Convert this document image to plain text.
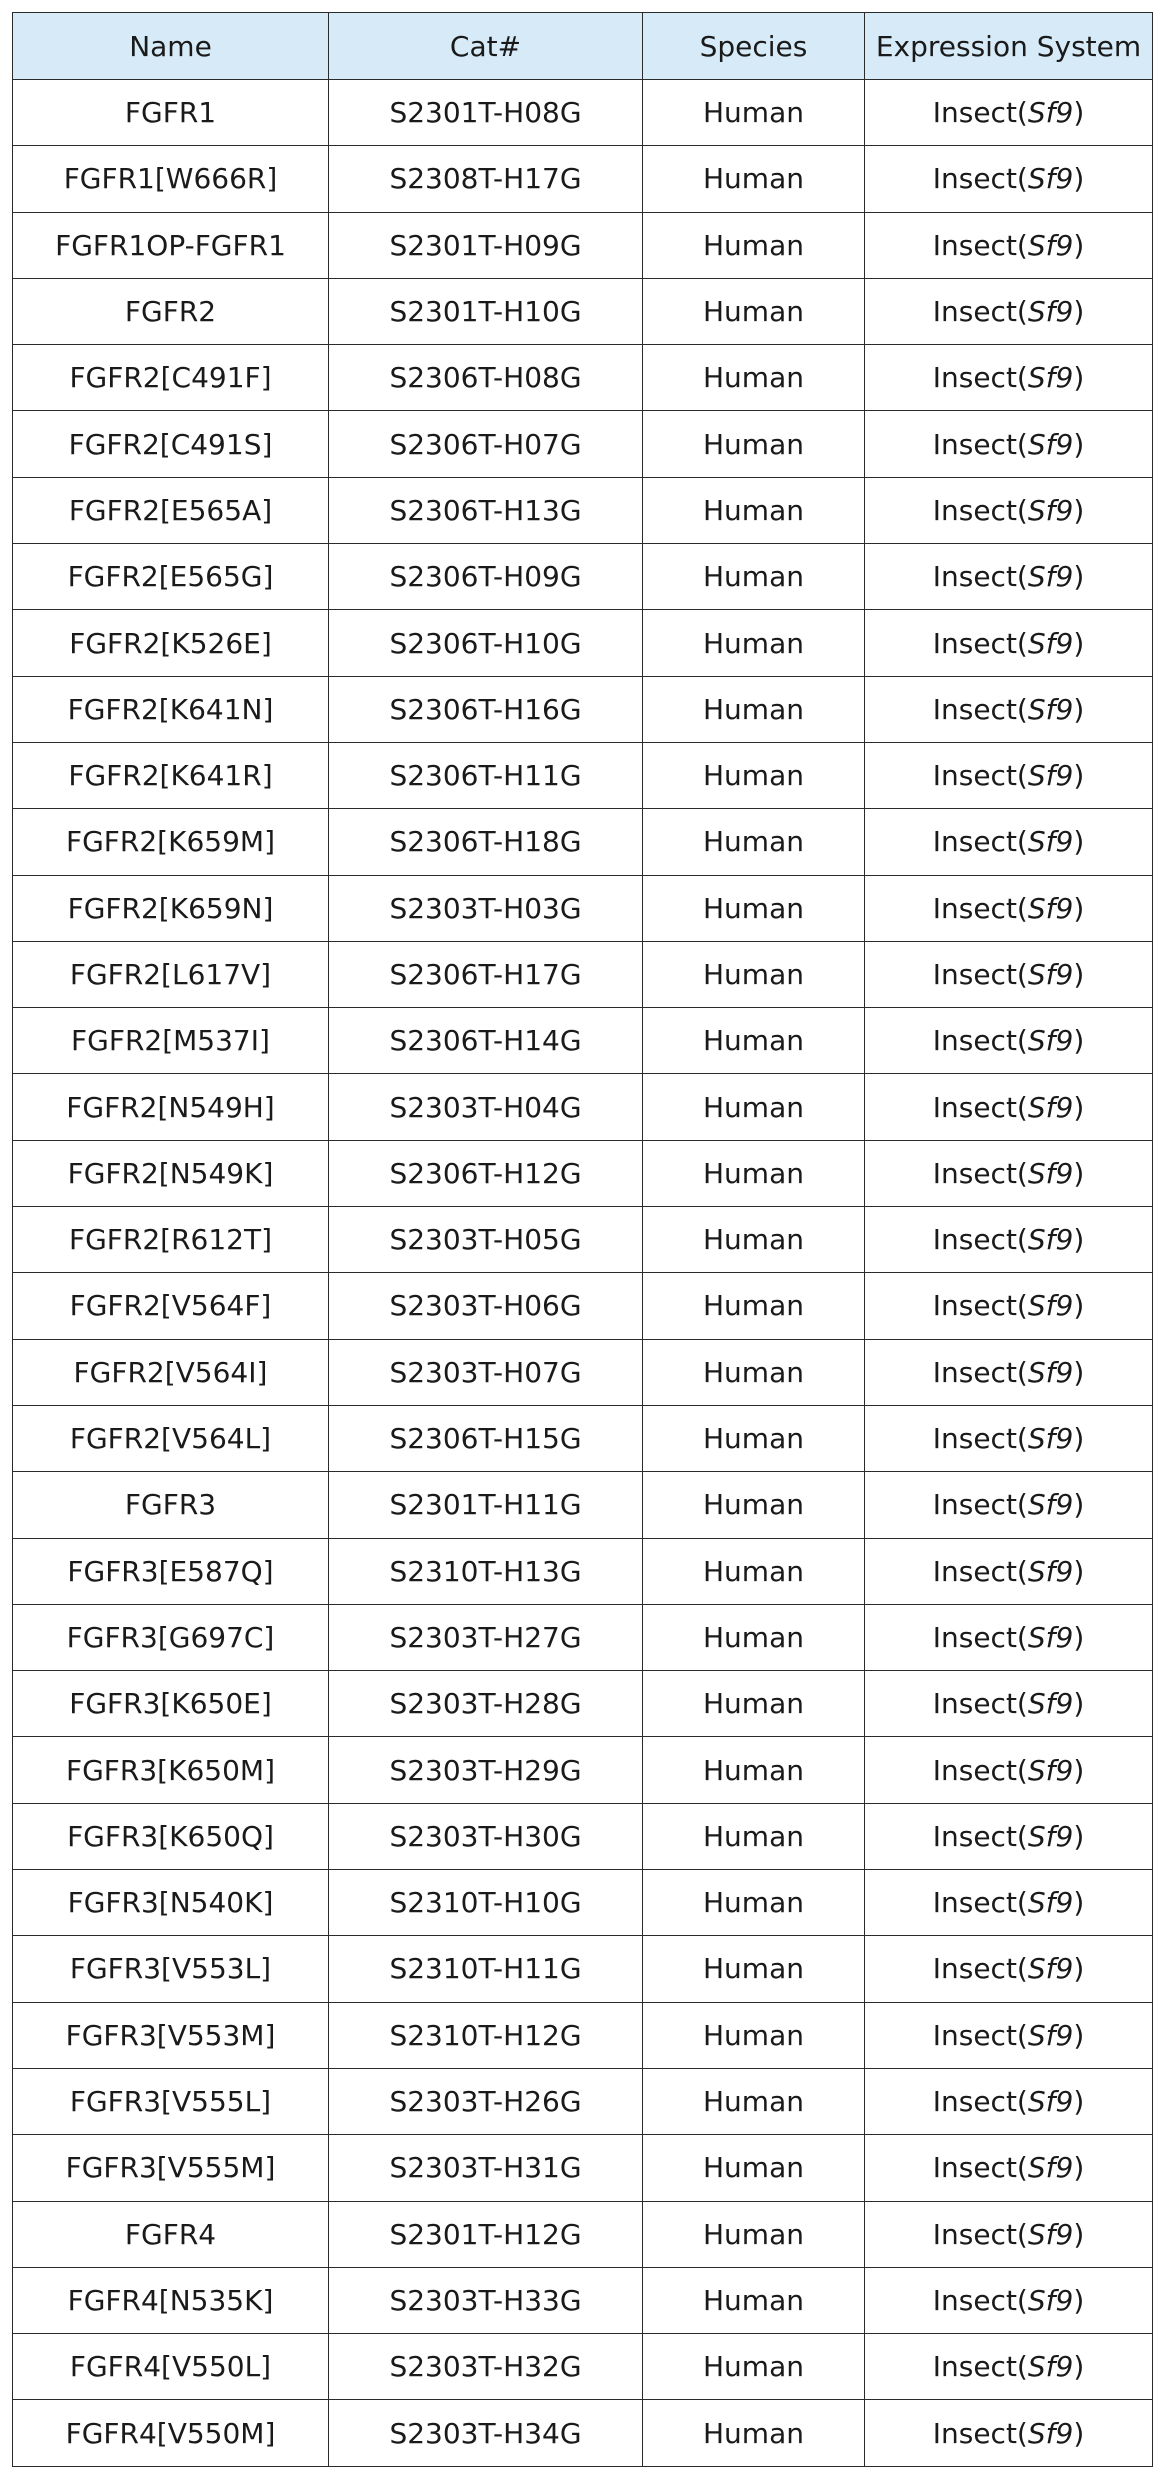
Name	Cat#	Species	Expression System
FGFR1	S2301T-H08G	Human	Insect(Sf9)
FGFR1[W666R]	S2308T-H17G	Human	Insect(Sf9)
FGFR1OP-FGFR1	S2301T-H09G	Human	Insect(Sf9)
FGFR2	S2301T-H10G	Human	Insect(Sf9)
FGFR2[C491F]	S2306T-H08G	Human	Insect(Sf9)
FGFR2[C491S]	S2306T-H07G	Human	Insect(Sf9)
FGFR2[E565A]	S2306T-H13G	Human	Insect(Sf9)
FGFR2[E565G]	S2306T-H09G	Human	Insect(Sf9)
FGFR2[K526E]	S2306T-H10G	Human	Insect(Sf9)
FGFR2[K641N]	S2306T-H16G	Human	Insect(Sf9)
FGFR2[K641R]	S2306T-H11G	Human	Insect(Sf9)
FGFR2[K659M]	S2306T-H18G	Human	Insect(Sf9)
FGFR2[K659N]	S2303T-H03G	Human	Insect(Sf9)
FGFR2[L617V]	S2306T-H17G	Human	Insect(Sf9)
FGFR2[M537I]	S2306T-H14G	Human	Insect(Sf9)
FGFR2[N549H]	S2303T-H04G	Human	Insect(Sf9)
FGFR2[N549K]	S2306T-H12G	Human	Insect(Sf9)
FGFR2[R612T]	S2303T-H05G	Human	Insect(Sf9)
FGFR2[V564F]	S2303T-H06G	Human	Insect(Sf9)
FGFR2[V564I]	S2303T-H07G	Human	Insect(Sf9)
FGFR2[V564L]	S2306T-H15G	Human	Insect(Sf9)
FGFR3	S2301T-H11G	Human	Insect(Sf9)
FGFR3[E587Q]	S2310T-H13G	Human	Insect(Sf9)
FGFR3[G697C]	S2303T-H27G	Human	Insect(Sf9)
FGFR3[K650E]	S2303T-H28G	Human	Insect(Sf9)
FGFR3[K650M]	S2303T-H29G	Human	Insect(Sf9)
FGFR3[K650Q]	S2303T-H30G	Human	Insect(Sf9)
FGFR3[N540K]	S2310T-H10G	Human	Insect(Sf9)
FGFR3[V553L]	S2310T-H11G	Human	Insect(Sf9)
FGFR3[V553M]	S2310T-H12G	Human	Insect(Sf9)
FGFR3[V555L]	S2303T-H26G	Human	Insect(Sf9)
FGFR3[V555M]	S2303T-H31G	Human	Insect(Sf9)
FGFR4	S2301T-H12G	Human	Insect(Sf9)
FGFR4[N535K]	S2303T-H33G	Human	Insect(Sf9)
FGFR4[V550L]	S2303T-H32G	Human	Insect(Sf9)
FGFR4[V550M]	S2303T-H34G	Human	Insect(Sf9)
